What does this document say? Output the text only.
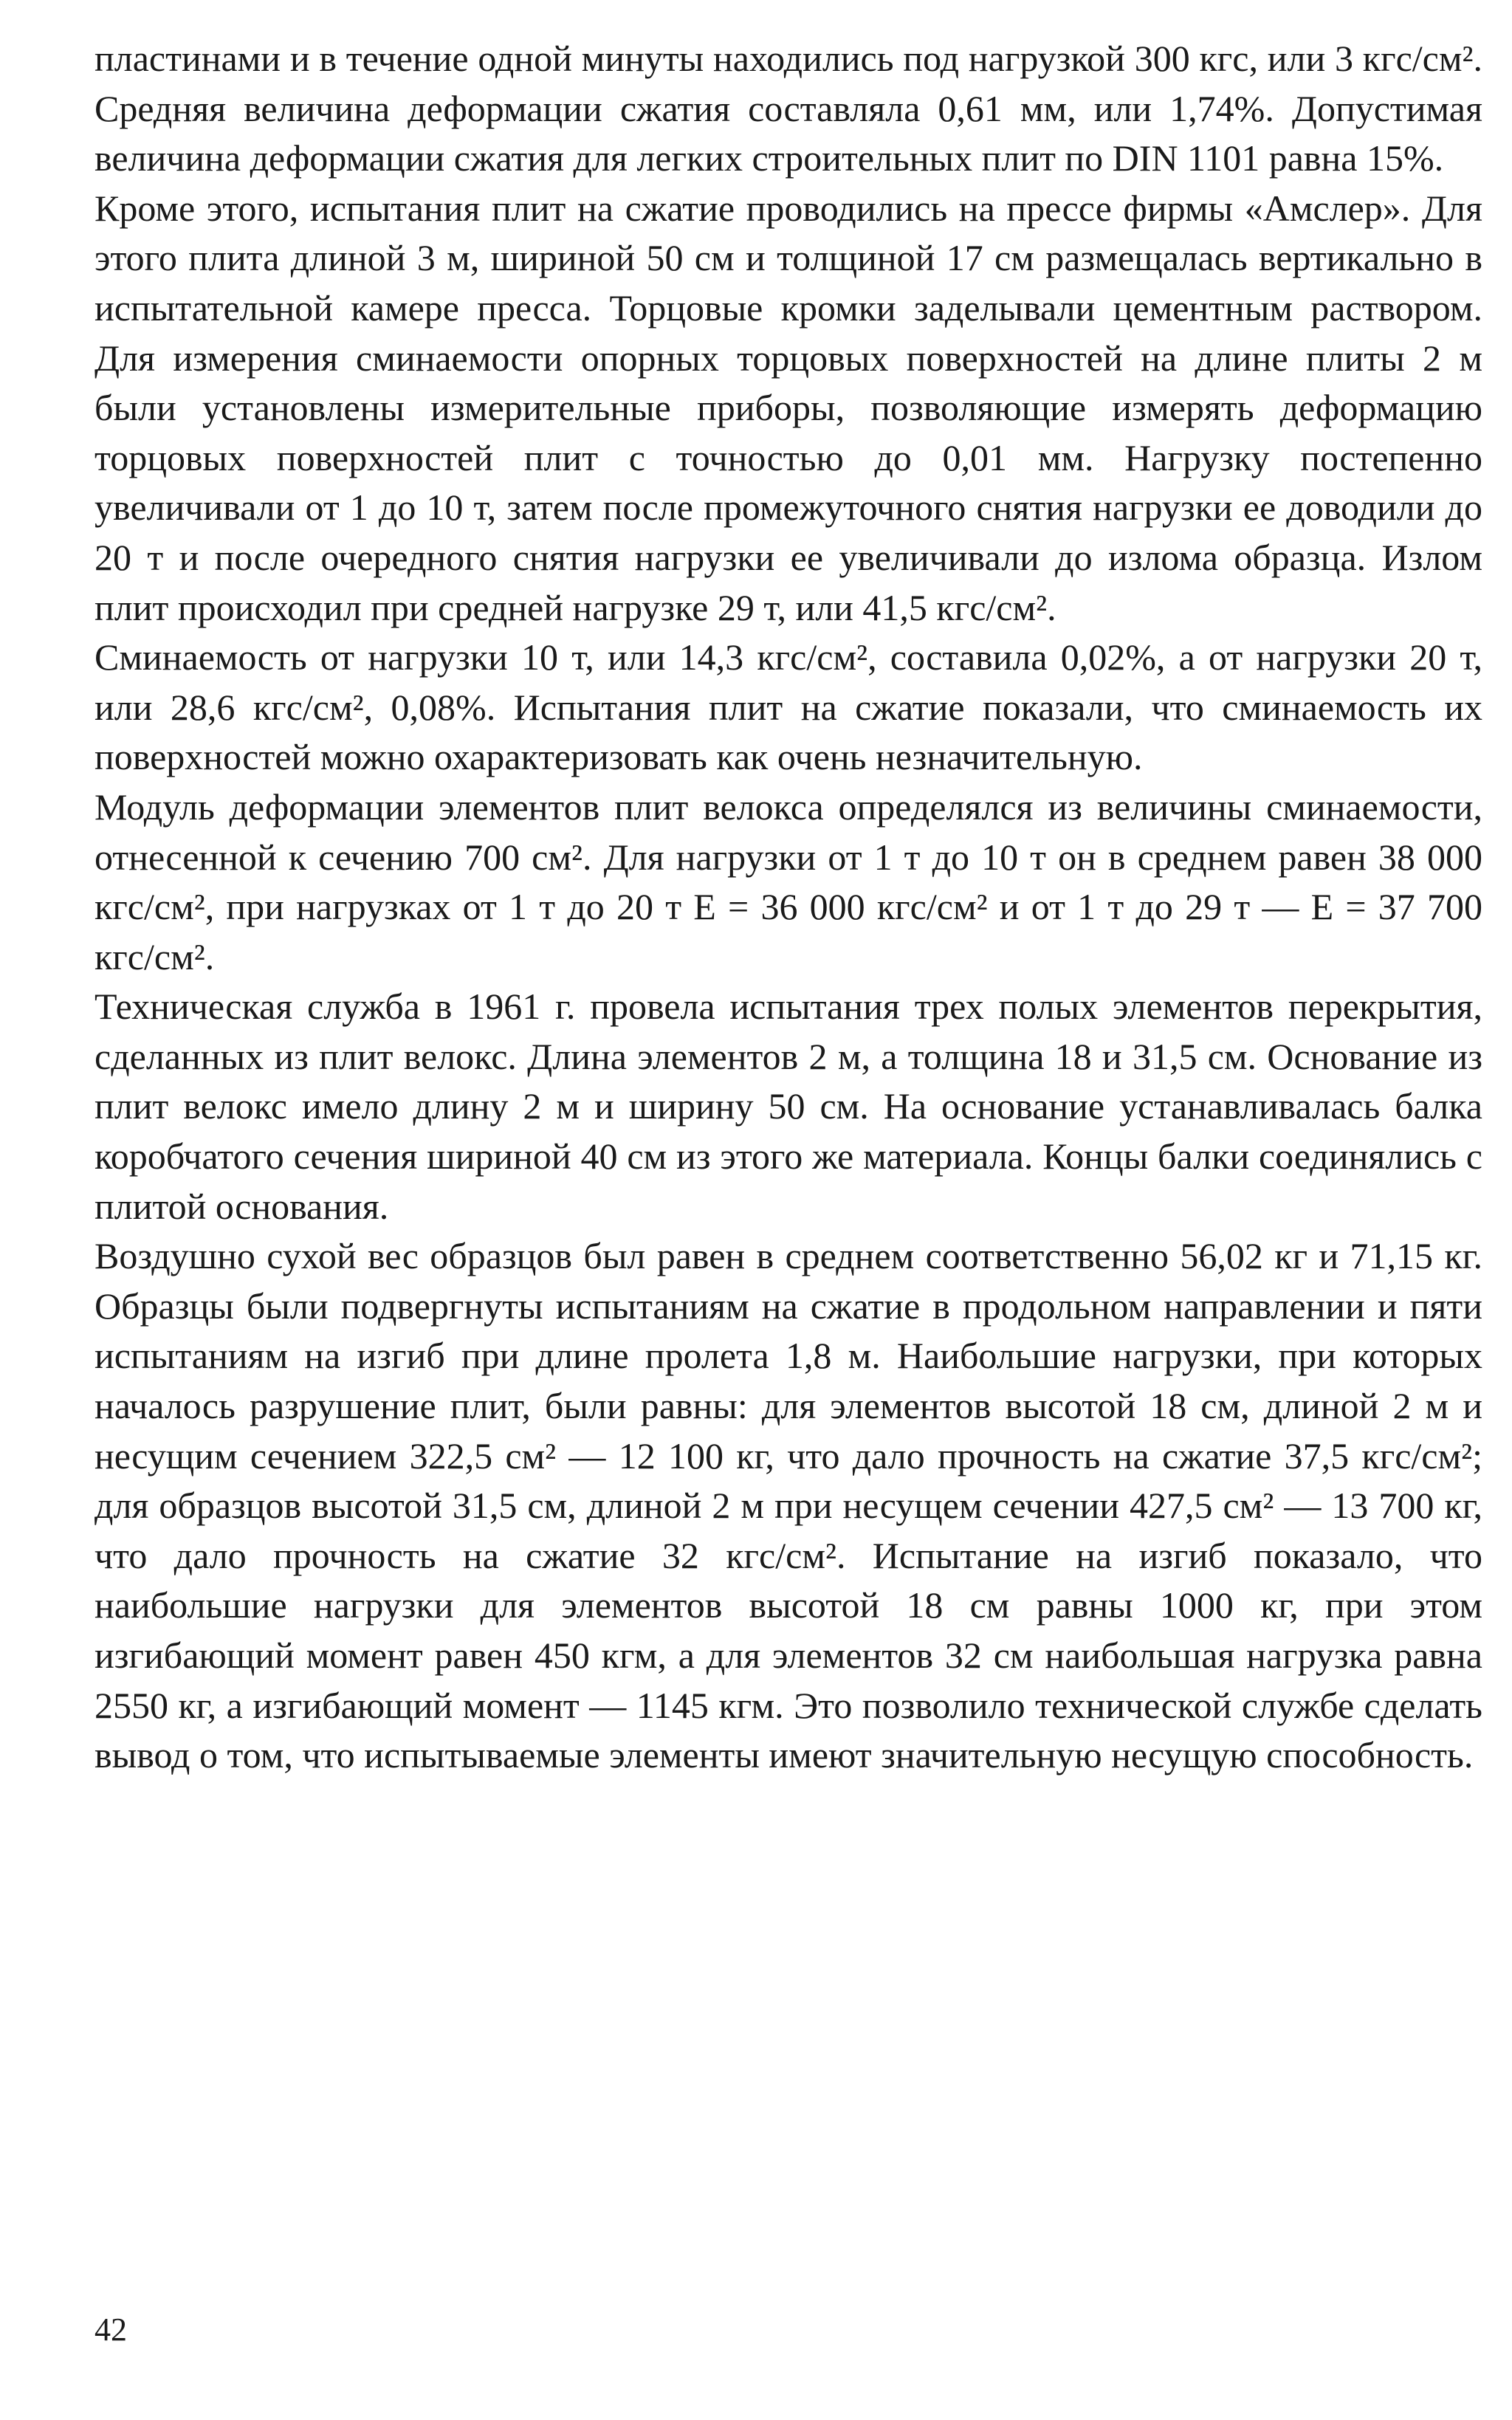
пластинами и в течение одной минуты находились под нагрузкой 300 кгс, или 3 кгс/см². Средняя величина деформации сжатия составляла 0,61 мм, или 1,74%. Допустимая величина деформации сжатия для легких строительных плит по DIN 1101 равна 15%.

Кроме этого, испытания плит на сжатие проводились на прессе фирмы «Амслер». Для этого плита длиной 3 м, шириной 50 см и толщиной 17 см размещалась вертикально в испытательной камере пресса. Торцовые кромки заделывали цементным раствором. Для измерения сминаемости опорных торцовых поверхностей на длине плиты 2 м были установлены измерительные приборы, позволяющие измерять деформацию торцовых поверхностей плит с точностью до 0,01 мм. Нагрузку постепенно увеличивали от 1 до 10 т, затем после промежуточного снятия нагрузки ее доводили до 20 т и после очередного снятия нагрузки ее увеличивали до излома образца. Излом плит происходил при средней нагрузке 29 т, или 41,5 кгс/см².

Сминаемость от нагрузки 10 т, или 14,3 кгс/см², составила 0,02%, а от нагрузки 20 т, или 28,6 кгс/см², 0,08%. Испытания плит на сжатие показали, что сминаемость их поверхностей можно охарактеризовать как очень незначительную.

Модуль деформации элементов плит велокса определялся из величины сминаемости, отнесенной к сечению 700 см². Для нагрузки от 1 т до 10 т он в среднем равен 38 000 кгс/см², при нагрузках от 1 т до 20 т E = 36 000 кгс/см² и от 1 т до 29 т — E = 37 700 кгс/см².

Техническая служба в 1961 г. провела испытания трех полых элементов перекрытия, сделанных из плит велокс. Длина элементов 2 м, а толщина 18 и 31,5 см. Основание из плит велокс имело длину 2 м и ширину 50 см. На основание устанавливалась балка коробчатого сечения шириной 40 см из этого же материала. Концы балки соединялись с плитой основания.

Воздушно сухой вес образцов был равен в среднем соответственно 56,02 кг и 71,15 кг. Образцы были подвергнуты испытаниям на сжатие в продольном направлении и пяти испытаниям на изгиб при длине пролета 1,8 м. Наибольшие нагрузки, при которых началось разрушение плит, были равны: для элементов высотой 18 см, длиной 2 м и несущим сечением 322,5 см² — 12 100 кг, что дало прочность на сжатие 37,5 кгс/см²; для образцов высотой 31,5 см, длиной 2 м при несущем сечении 427,5 см² — 13 700 кг, что дало прочность на сжатие 32 кгс/см². Испытание на изгиб показало, что наибольшие нагрузки для элементов высотой 18 см равны 1000 кг, при этом изгибающий момент равен 450 кгм, а для элементов 32 см наибольшая нагрузка равна 2550 кг, а изгибающий момент — 1145 кгм. Это позволило технической службе сделать вывод о том, что испытываемые элементы имеют значительную несущую способность.

42
